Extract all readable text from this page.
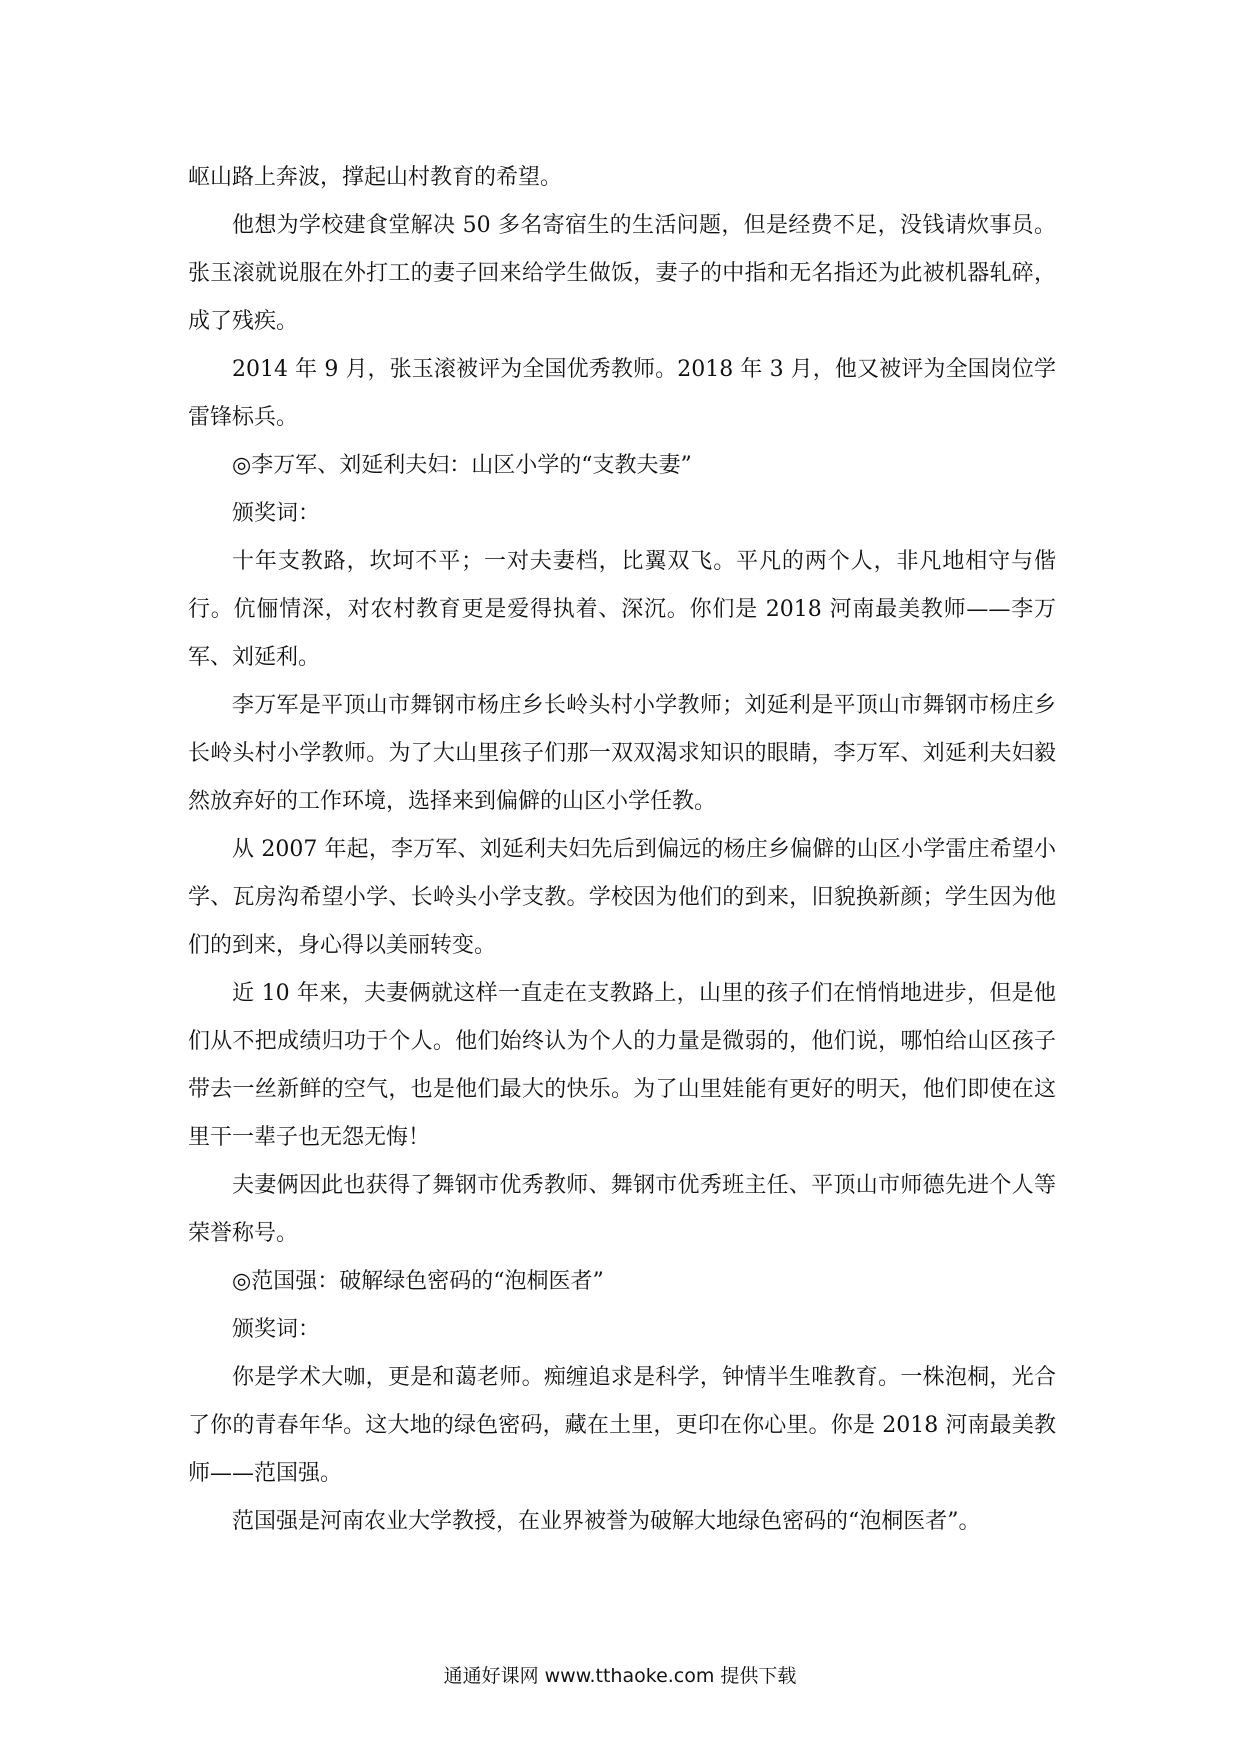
岖山路上奔波，撑起山村教育的希望。

他想为学校建食堂解决 50 多名寄宿生的生活问题，但是经费不足，没钱请炊事员。张玉滚就说服在外打工的妻子回来给学生做饭，妻子的中指和无名指还为此被机器轧碎，成了残疾。

2014 年 9 月，张玉滚被评为全国优秀教师。2018 年 3 月，他又被评为全国岗位学雷锋标兵。

◎李万军、刘延利夫妇：山区小学的“支教夫妻”

颁奖词：

十年支教路，坎坷不平；一对夫妻档，比翼双飞。平凡的两个人，非凡地相守与偕行。伉俪情深，对农村教育更是爱得执着、深沉。你们是 2018 河南最美教师——李万军、刘延利。

李万军是平顶山市舞钢市杨庄乡长岭头村小学教师；刘延利是平顶山市舞钢市杨庄乡长岭头村小学教师。为了大山里孩子们那一双双渴求知识的眼睛，李万军、刘延利夫妇毅然放弃好的工作环境，选择来到偏僻的山区小学任教。

从 2007 年起，李万军、刘延利夫妇先后到偏远的杨庄乡偏僻的山区小学雷庄希望小学、瓦房沟希望小学、长岭头小学支教。学校因为他们的到来，旧貌换新颜；学生因为他们的到来，身心得以美丽转变。

近 10 年来，夫妻俩就这样一直走在支教路上，山里的孩子们在悄悄地进步，但是他们从不把成绩归功于个人。他们始终认为个人的力量是微弱的，他们说，哪怕给山区孩子带去一丝新鲜的空气，也是他们最大的快乐。为了山里娃能有更好的明天，他们即使在这里干一辈子也无怨无悔！

夫妻俩因此也获得了舞钢市优秀教师、舞钢市优秀班主任、平顶山市师德先进个人等荣誉称号。

◎范国强：破解绿色密码的“泡桐医者”

颁奖词：

你是学术大咖，更是和蔼老师。痴缠追求是科学，钟情半生唯教育。一株泡桐，光合了你的青春年华。这大地的绿色密码，藏在土里，更印在你心里。你是 2018 河南最美教师——范国强。

范国强是河南农业大学教授，在业界被誉为破解大地绿色密码的“泡桐医者”。

通通好课网 www.tthaoke.com 提供下载
